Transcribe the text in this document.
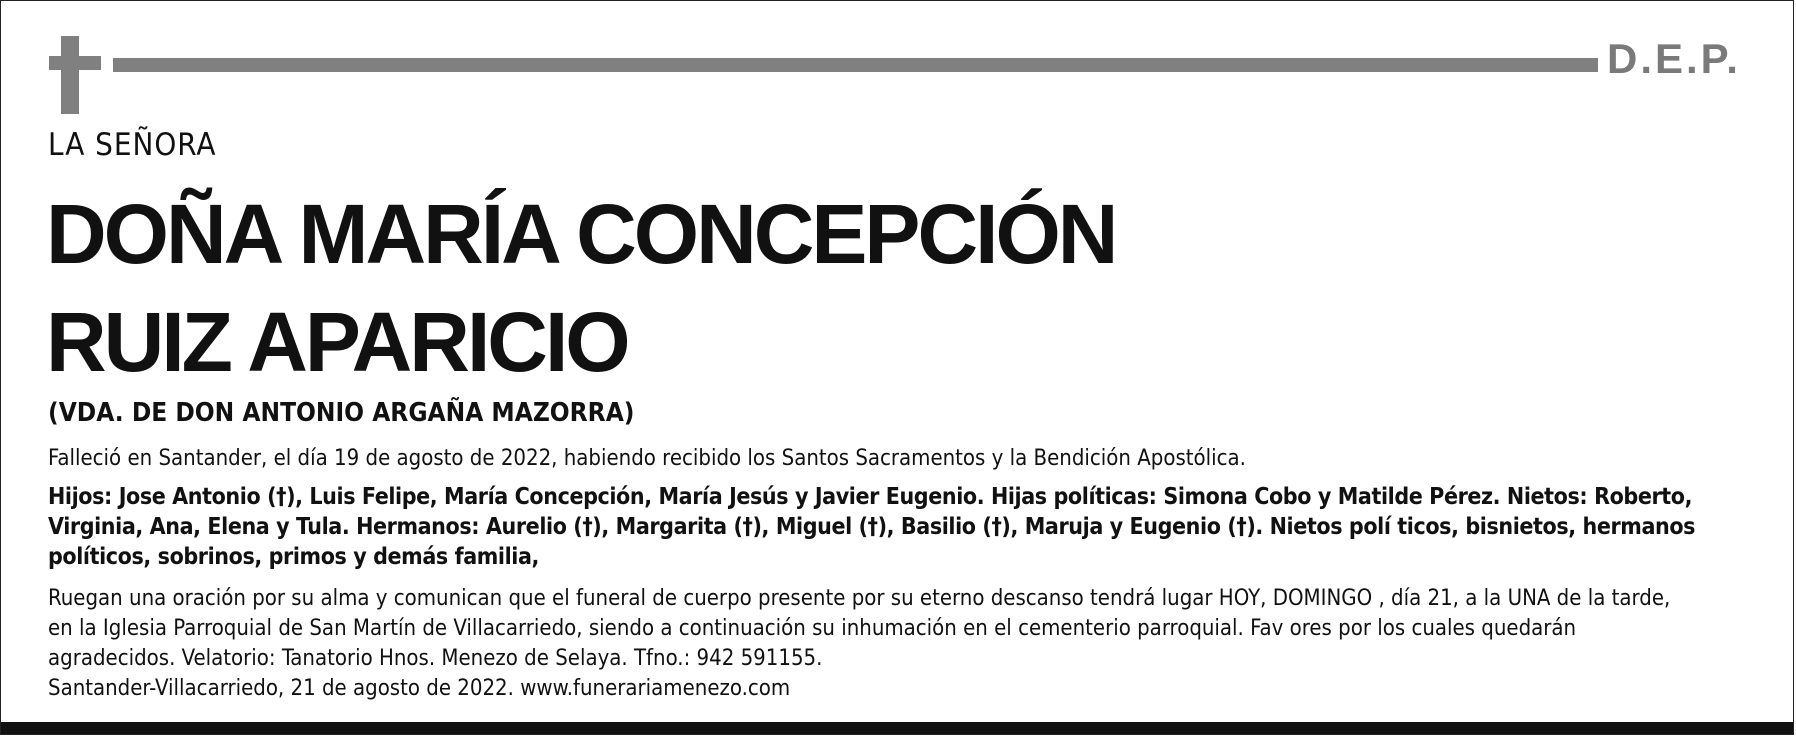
D.E.P.
LA SEÑORA
DOÑA MARÍA CONCEPCIÓN
RUIZ APARICIO
(VDA. DE DON ANTONIO ARGAÑA MAZORRA)
Falleció en Santander, el día 19 de agosto de 2022, habiendo recibido los Santos Sacramentos y la Bendición Apostólica.
Hijos: Jose Antonio (†), Luis Felipe, María Concepción, María Jesús y Javier Eugenio. Hijas políticas: Simona Cobo y Matilde Pérez. Nietos: Roberto,
Virginia, Ana, Elena y Tula. Hermanos: Aurelio (†), Margarita (†), Miguel (†), Basilio (†), Maruja y Eugenio (†). Nietos polí ticos, bisnietos, hermanos
políticos, sobrinos, primos y demás familia,
Ruegan una oración por su alma y comunican que el funeral de cuerpo presente por su eterno descanso tendrá lugar HOY, DOMINGO , día 21, a la UNA de la tarde,
en la Iglesia Parroquial de San Martín de Villacarriedo, siendo a continuación su inhumación en el cementerio parroquial. Fav ores por los cuales quedarán
agradecidos. Velatorio: Tanatorio Hnos. Menezo de Selaya. Tfno.: 942 591155.
Santander-Villacarriedo, 21 de agosto de 2022. www.funerariamenezo.com
